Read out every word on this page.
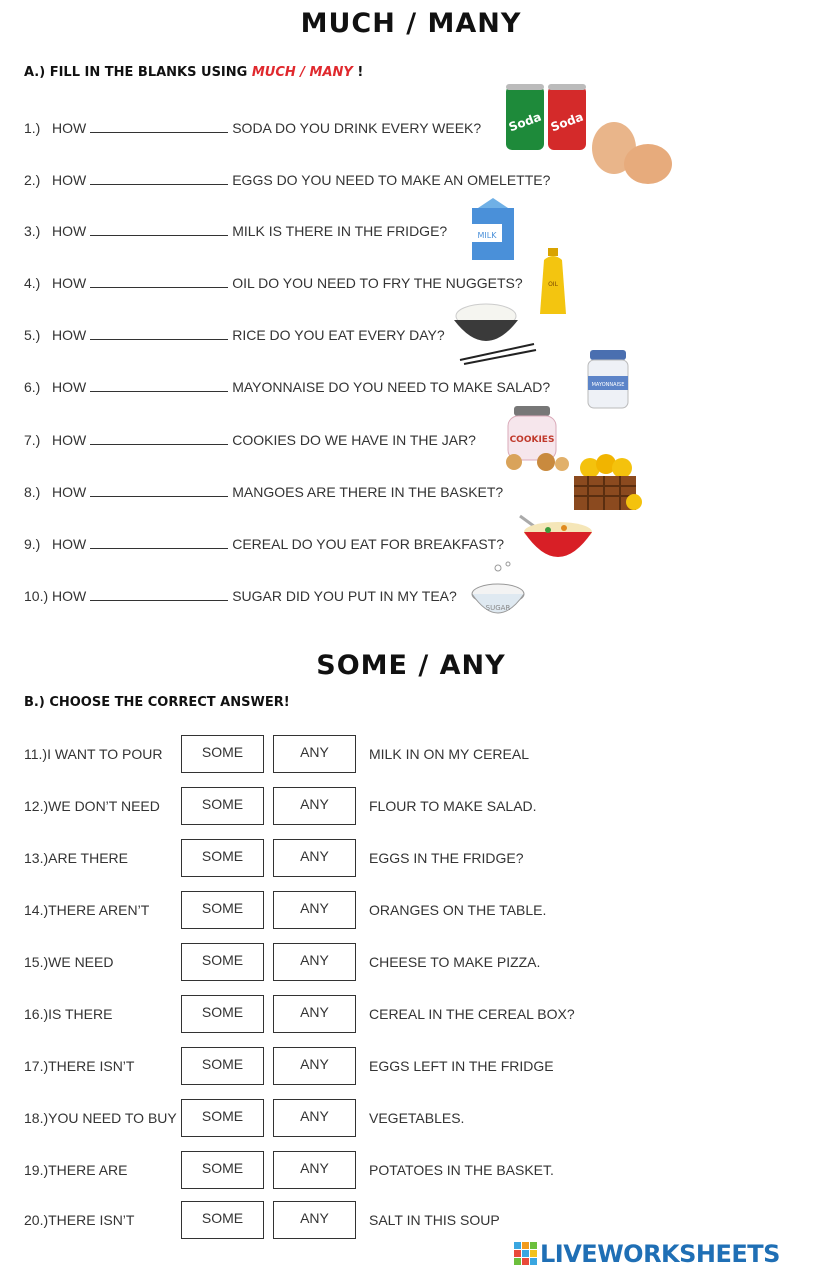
MUCH / MANY
A.) FILL IN THE BLANKS USING MUCH / MANY !
1.) HOW	SODA DO YOU DRINK EVERY WEEK?
2.) HOW	EGGS DO YOU NEED TO MAKE AN OMELETTE?
3.) HOW	MILK IS THERE IN THE FRIDGE?
4.) HOW	OIL DO YOU NEED TO FRY THE NUGGETS?
5.) HOW	RICE DO YOU EAT EVERY DAY?
6.) HOW	MAYONNAISE DO YOU NEED TO MAKE SALAD?
7.) HOW	COOKIES DO WE HAVE IN THE JAR?
8.) HOW	MANGOES ARE THERE IN THE BASKET?
9.) HOW	CEREAL DO YOU EAT FOR BREAKFAST?
10.) HOW	SUGAR DID YOU PUT IN MY TEA?
Soda Soda
MILK
OIL
MAYONNAISE
COOKIES
SUGAR
SOME / ANY
B.) CHOOSE THE CORRECT ANSWER!
11.)I WANT TO POUR	SOME	ANY	MILK IN ON MY CEREAL
12.)WE DON’T NEED	SOME	ANY	FLOUR TO MAKE SALAD.
13.)ARE THERE	SOME	ANY	EGGS IN THE FRIDGE?
14.)THERE AREN’T	SOME	ANY	ORANGES ON THE TABLE.
15.)WE NEED	SOME	ANY	CHEESE TO MAKE PIZZA.
16.)IS THERE	SOME	ANY	CEREAL IN THE CEREAL BOX?
17.)THERE ISN’T	SOME	ANY	EGGS LEFT IN THE FRIDGE
18.)YOU NEED TO BUY	SOME	ANY	VEGETABLES.
19.)THERE ARE	SOME	ANY	POTATOES IN THE BASKET.
20.)THERE ISN’T	SOME	ANY	SALT IN THIS SOUP
LIVEWORKSHEETS
